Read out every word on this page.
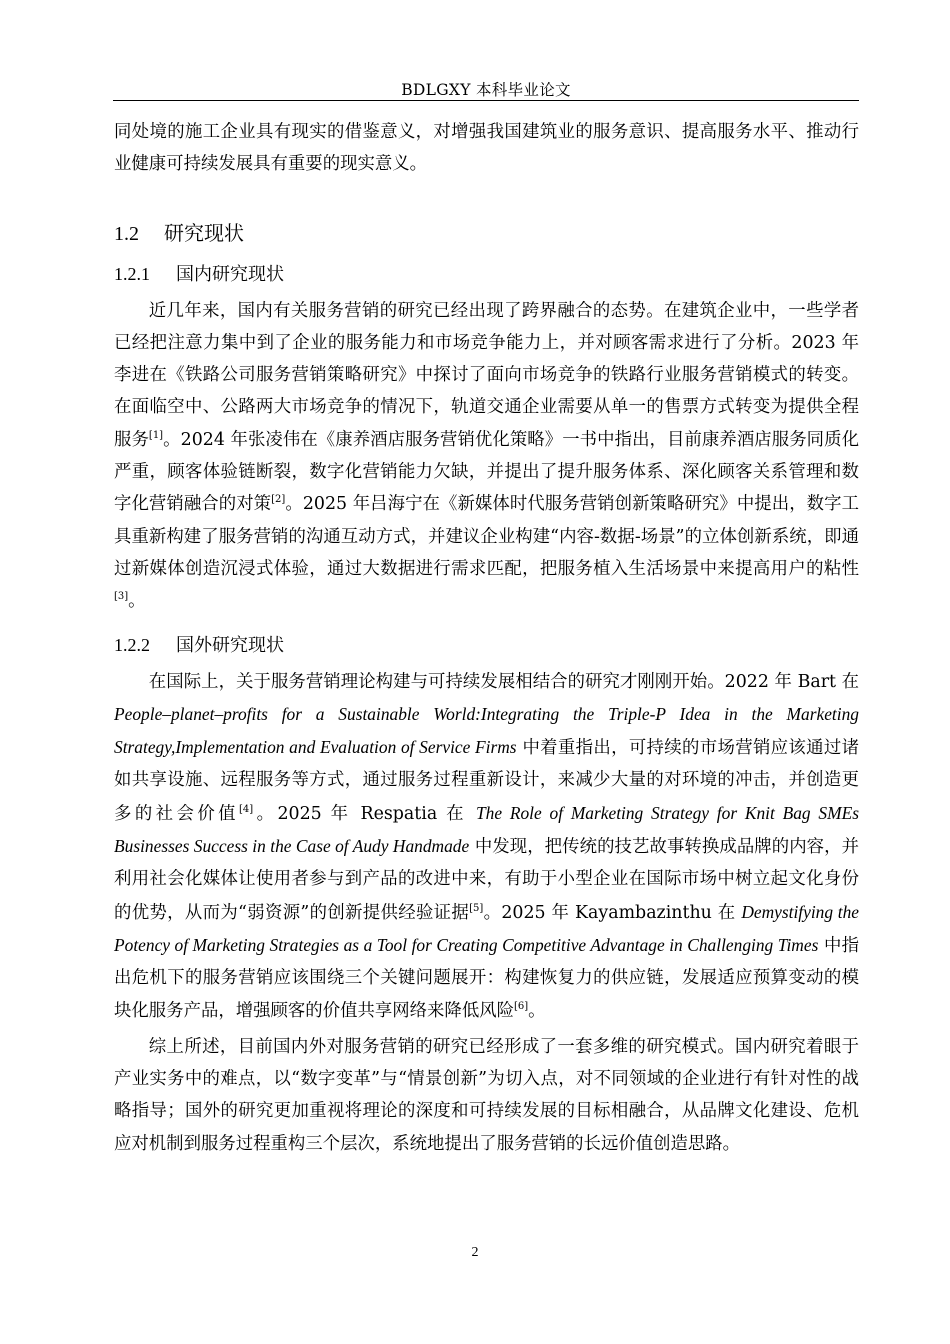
BDLGXY 本科毕业论文

同处境的施工企业具有现实的借鉴意义，对增强我国建筑业的服务意识、提高服务水平、推动行业健康可持续发展具有重要的现实意义。

1.2 研究现状
1.2.1 国内研究现状

近几年来，国内有关服务营销的研究已经出现了跨界融合的态势。在建筑企业中，一些学者已经把注意力集中到了企业的服务能力和市场竞争能力上，并对顾客需求进行了分析。2023 年李进在《铁路公司服务营销策略研究》中探讨了面向市场竞争的铁路行业服务营销模式的转变。在面临空中、公路两大市场竞争的情况下，轨道交通企业需要从单一的售票方式转变为提供全程服务[1]。2024 年张凌伟在《康养酒店服务营销优化策略》一书中指出，目前康养酒店服务同质化严重，顾客体验链断裂，数字化营销能力欠缺，并提出了提升服务体系、深化顾客关系管理和数字化营销融合的对策[2]。2025 年吕海宁在《新媒体时代服务营销创新策略研究》中提出，数字工具重新构建了服务营销的沟通互动方式，并建议企业构建“内容-数据-场景”的立体创新系统，即通过新媒体创造沉浸式体验，通过大数据进行需求匹配，把服务植入生活场景中来提高用户的粘性[3]。

1.2.2 国外研究现状

在国际上，关于服务营销理论构建与可持续发展相结合的研究才刚刚开始。2022 年 Bart 在 People–planet–profits for a Sustainable World:Integrating the Triple-P Idea in the Marketing Strategy,Implementation and Evaluation of Service Firms 中着重指出，可持续的市场营销应该通过诸如共享设施、远程服务等方式，通过服务过程重新设计，来减少大量的对环境的冲击，并创造更多的社会价值[4]。2025 年 Respatia 在 The Role of Marketing Strategy for Knit Bag SMEs Businesses Success in the Case of Audy Handmade 中发现，把传统的技艺故事转换成品牌的内容，并利用社会化媒体让使用者参与到产品的改进中来，有助于小型企业在国际市场中树立起文化身份的优势，从而为“弱资源”的创新提供经验证据[5]。2025 年 Kayambazinthu 在 Demystifying the Potency of Marketing Strategies as a Tool for Creating Competitive Advantage in Challenging Times 中指出危机下的服务营销应该围绕三个关键问题展开：构建恢复力的供应链，发展适应预算变动的模块化服务产品，增强顾客的价值共享网络来降低风险[6]。

综上所述，目前国内外对服务营销的研究已经形成了一套多维的研究模式。国内研究着眼于产业实务中的难点，以“数字变革”与“情景创新”为切入点，对不同领域的企业进行有针对性的战略指导；国外的研究更加重视将理论的深度和可持续发展的目标相融合，从品牌文化建设、危机应对机制到服务过程重构三个层次，系统地提出了服务营销的长远价值创造思路。

2
